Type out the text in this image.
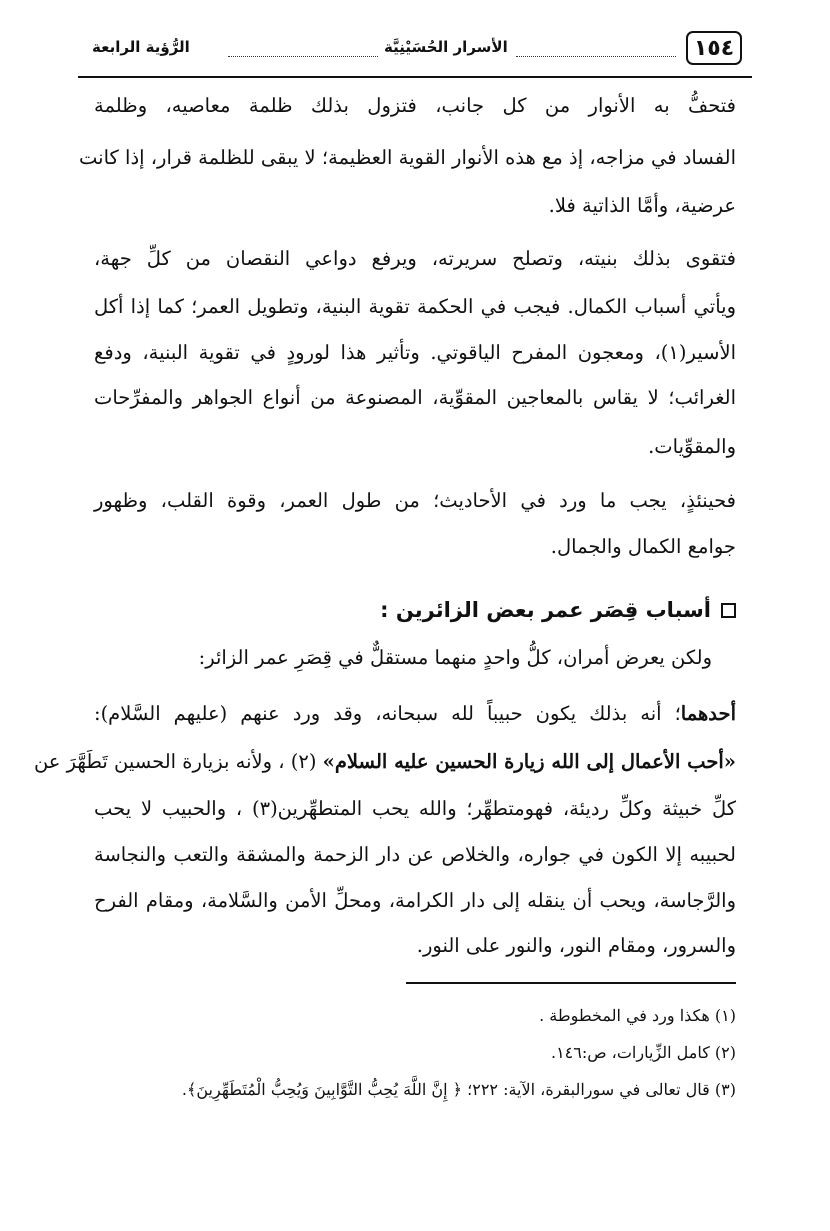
١٥٤
الأسرار الحُسَيْنِيَّة
الرُّؤية الرابعة
فتحفُّ به الأنوار من كل جانب، فتزول بذلك ظلمة معاصيه، وظلمة
الفساد في مزاجه، إذ مع هذه الأنوار القوية العظيمة؛ لا يبقى للظلمة قرار، إذا كانت
عرضية، وأمَّا الذاتية فلا.
فتقوى بذلك بنيته، وتصلح سريرته، ويرفع دواعي النقصان من كلِّ جهة،
ويأتي أسباب الكمال. فيجب في الحكمة تقوية البنية، وتطويل العمر؛ كما إذا أكل
الأسير(١)، ومعجون المفرح الياقوتي. وتأثير هذا لورودٍ في تقوية البنية، ودفع
الغرائب؛ لا يقاس بالمعاجين المقوِّية، المصنوعة من أنواع الجواهر والمفرِّحات
والمقوِّيات.
فحينئذٍ، يجب ما ورد في الأحاديث؛ من طول العمر، وقوة القلب، وظهور
جوامع الكمال والجمال.
أسباب قِصَر عمر بعض الزائرين :
ولكن يعرض أمران، كلُّ واحدٍ منهما مستقلٌّ في قِصَرِ عمر الزائر:
أحدهما؛ أنه بذلك يكون حبيباً لله سبحانه، وقد ورد عنهم (عليهم السَّلام):
«أحب الأعمال إلى الله زيارة الحسين عليه السلام» (٢) ، ولأنه بزيارة الحسين تَطَهَّرَ عن
كلِّ خبيثة وكلِّ رديئة، فهومتطهِّر؛ والله يحب المتطهِّرين(٣) ، والحبيب لا يحب
لحبيبه إلا الكون في جواره، والخلاص عن دار الزحمة والمشقة والتعب والنجاسة
والرَّجاسة، ويحب أن ينقله إلى دار الكرامة، ومحلِّ الأمن والسَّلامة، ومقام الفرح
والسرور، ومقام النور، والنور على النور.
(١) هكذا ورد في المخطوطة .
(٢) كامل الزِّيارات، ص:١٤٦.
(٣) قال تعالى في سورالبقرة، الآية: ٢٢٢؛ ﴿ إِنَّ اللَّهَ يُحِبُّ التَّوَّابِينَ وَيُحِبُّ الْمُتَطَهِّرِينَ﴾.
